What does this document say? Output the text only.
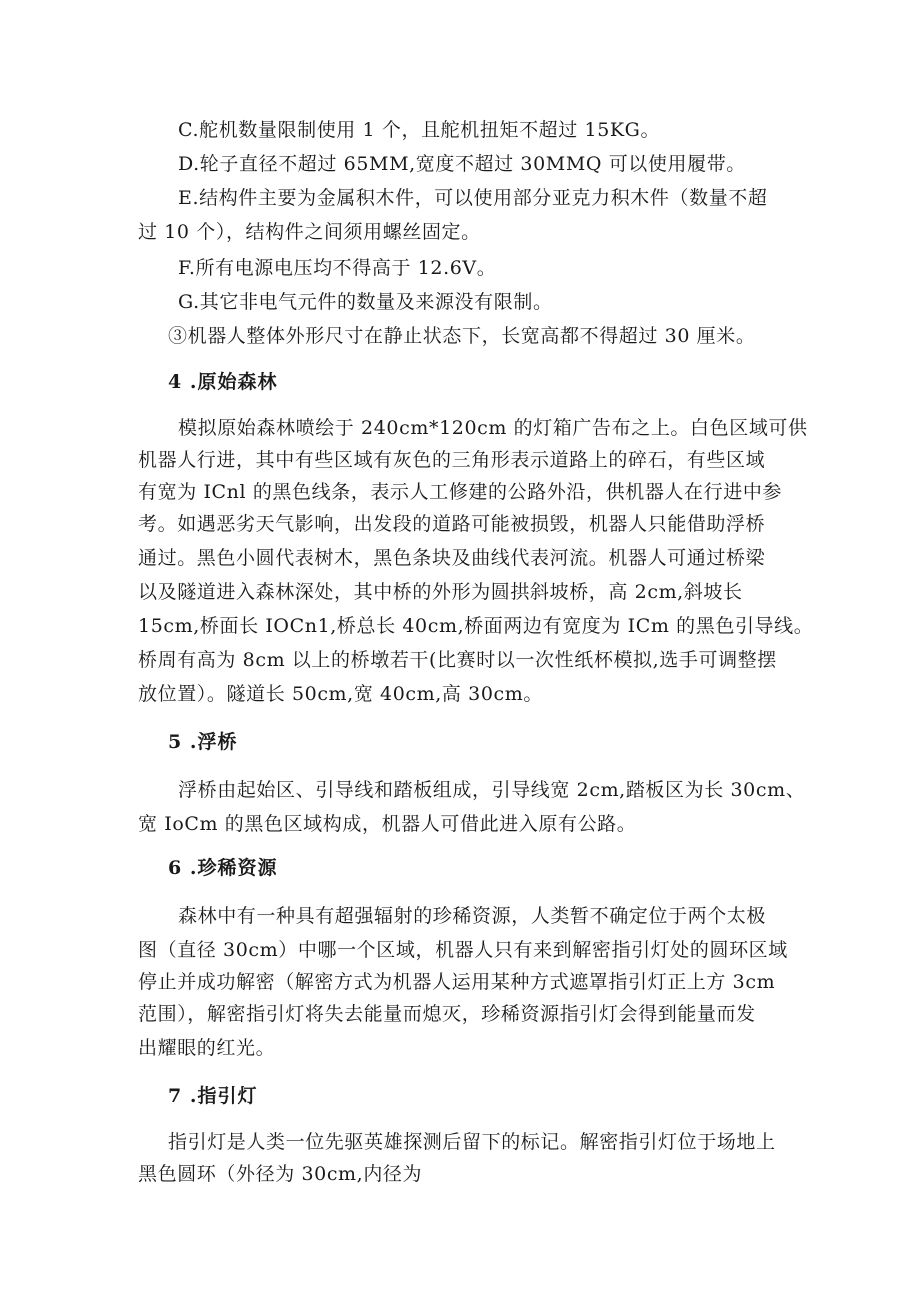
C.舵机数量限制使用 1 个，且舵机扭矩不超过 15KG。
D.轮子直径不超过 65MM,宽度不超过 30MMQ 可以使用履带。
E.结构件主要为金属积木件，可以使用部分亚克力积木件（数量不超
过 10 个），结构件之间须用螺丝固定。
F.所有电源电压均不得高于 12.6V。
G.其它非电气元件的数量及来源没有限制。
③机器人整体外形尺寸在静止状态下，长宽高都不得超过 30 厘米。
4 .原始森林
模拟原始森林喷绘于 240cm*120cm 的灯箱广告布之上。白色区域可供
机器人行进，其中有些区域有灰色的三角形表示道路上的碎石，有些区域
有宽为 ICnl 的黑色线条，表示人工修建的公路外沿，供机器人在行进中参
考。如遇恶劣天气影响，出发段的道路可能被损毁，机器人只能借助浮桥
通过。黑色小圆代表树木，黑色条块及曲线代表河流。机器人可通过桥梁
以及隧道进入森林深处，其中桥的外形为圆拱斜坡桥，高 2cm,斜坡长
15cm,桥面长 IOCn1,桥总长 40cm,桥面两边有宽度为 ICm 的黑色引导线。
桥周有高为 8cm 以上的桥墩若干(比赛时以一次性纸杯模拟,选手可调整摆
放位置）。隧道长 50cm,宽 40cm,高 30cm。
5 .浮桥
浮桥由起始区、引导线和踏板组成，引导线宽 2cm,踏板区为长 30cm、
宽 IoCm 的黑色区域构成，机器人可借此进入原有公路。
6 .珍稀资源
森林中有一种具有超强辐射的珍稀资源，人类暂不确定位于两个太极
图（直径 30cm）中哪一个区域，机器人只有来到解密指引灯处的圆环区域
停止并成功解密（解密方式为机器人运用某种方式遮罩指引灯正上方 3cm
范围），解密指引灯将失去能量而熄灭，珍稀资源指引灯会得到能量而发
出耀眼的红光。
7 .指引灯
指引灯是人类一位先驱英雄探测后留下的标记。解密指引灯位于场地上
黑色圆环（外径为 30cm,内径为
